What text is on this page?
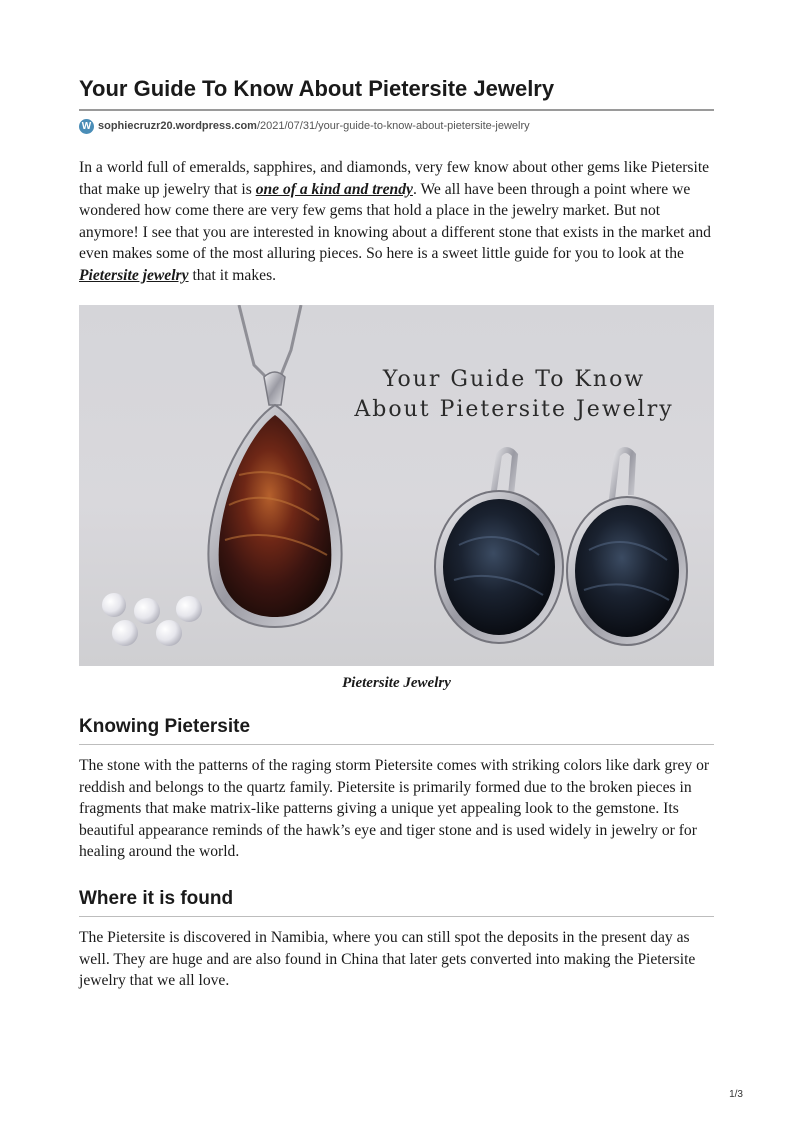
Your Guide To Know About Pietersite Jewelry
W sophiecruzr20.wordpress.com /2021/07/31/your-guide-to-know-about-pietersite-jewelry

In a world full of emeralds, sapphires, and diamonds, very few know about other gems like Pietersite that make up jewelry that is one of a kind and trendy. We all have been through a point where we wondered how come there are very few gems that hold a place in the jewelry market. But not anymore! I see that you are interested in knowing about a different stone that exists in the market and even makes some of the most alluring pieces. So here is a sweet little guide for you to look at the Pietersite jewelry that it makes.

Your Guide To Know
About Pietersite Jewelry
Pietersite Jewelry
Knowing Pietersite

The stone with the patterns of the raging storm Pietersite comes with striking colors like dark grey or reddish and belongs to the quartz family. Pietersite is primarily formed due to the broken pieces in fragments that make matrix-like patterns giving a unique yet appealing look to the gemstone. Its beautiful appearance reminds of the hawk’s eye and tiger stone and is used widely in jewelry or for healing around the world.

Where it is found

The Pietersite is discovered in Namibia, where you can still spot the deposits in the present day as well. They are huge and are also found in China that later gets converted into making the Pietersite jewelry that we all love.

1/3
